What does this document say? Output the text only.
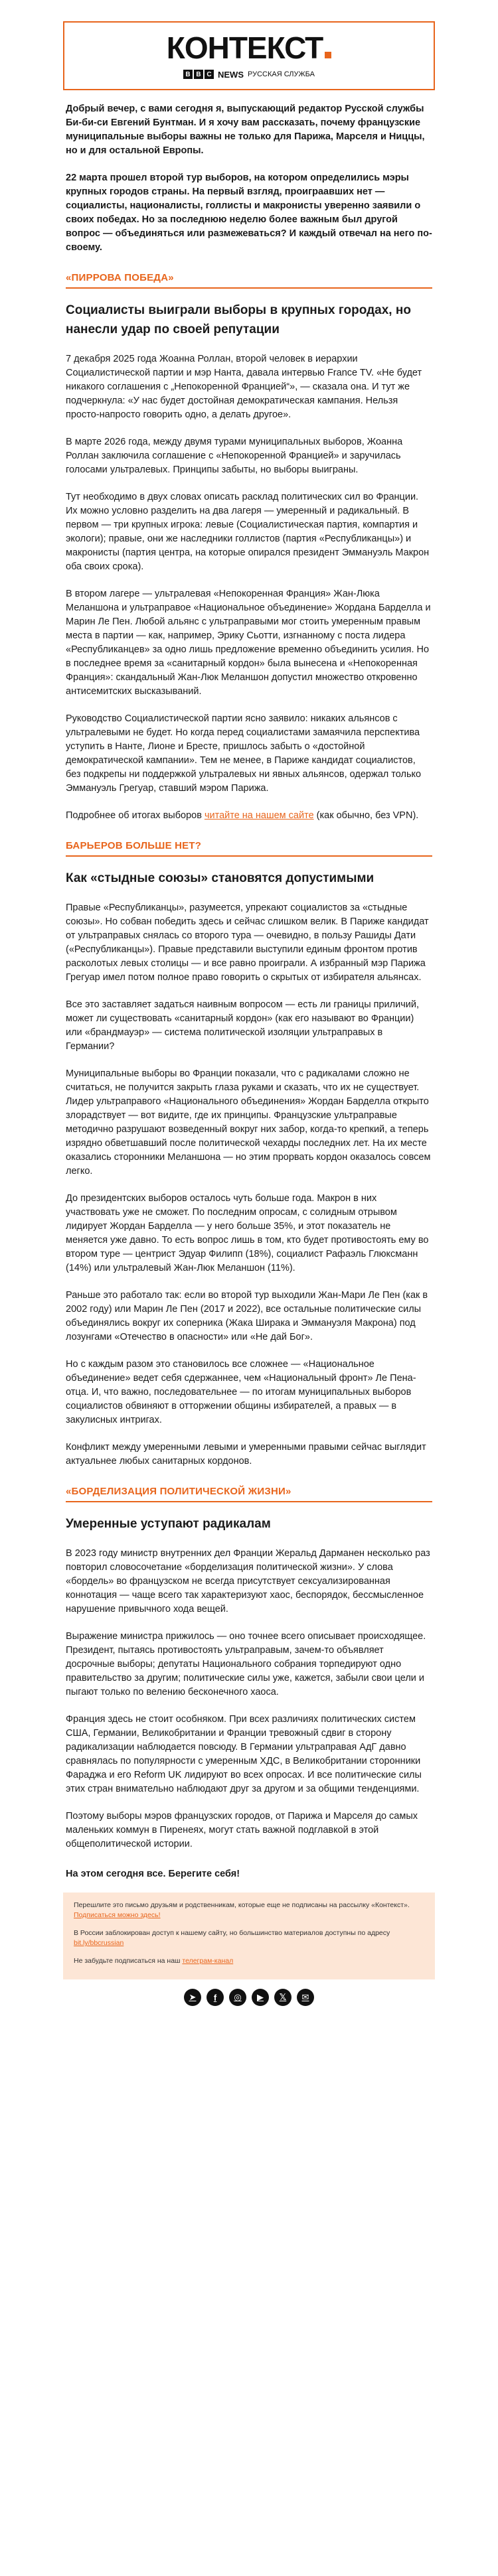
КОНТЕКСТ
B B C NEWS РУССКАЯ СЛУЖБА

Добрый вечер, с вами сегодня я, выпускающий редактор Русской службы Би-би-си Евгений Бунтман. И я хочу вам рассказать, почему французские муниципальные выборы важны не только для Парижа, Марселя и Ниццы, но и для остальной Европы.

22 марта прошел второй тур выборов, на котором определились мэры крупных городов страны. На первый взгляд, проиграавших нет — социалисты, националисты, голлисты и макронисты уверенно заявили о своих победах. Но за последнюю неделю более важным был другой вопрос — объединяться или размежеваться? И каждый отвечал на него по-своему.

«ПИРРОВА ПОБЕДА»
Социалисты выиграли выборы в крупных городах, но нанесли удар по своей репутации

7 декабря 2025 года Жоанна Роллан, второй человек в иерархии Социалистической партии и мэр Нанта, давала интервью France TV. «Не будет никакого соглашения с „Непокоренной Францией“», — сказала она. И тут же подчеркнула: «У нас будет достойная демократическая кампания. Нельзя просто-напросто говорить одно, а делать другое».

В марте 2026 года, между двумя турами муниципальных выборов, Жоанна Роллан заключила соглашение с «Непокоренной Францией» и заручилась голосами ультралевых. Принципы забыты, но выборы выиграны.

Тут необходимо в двух словах описать расклад политических сил во Франции. Их можно условно разделить на два лагеря — умеренный и радикальный. В первом — три крупных игрока: левые (Социалистическая партия, компартия и экологи); правые, они же наследники голлистов (партия «Республиканцы») и макронисты (партия центра, на которые опиралcя президент Эммануэль Макрон оба своих срока).

В втором лагере — ультралевая «Непокоренная Франция» Жан-Люка Меланшона и ультраправое «Национальное объединение» Жордана Барделла и Марин Ле Пен. Любой альянс с ультраправыми мог стоить умеренным правым места в партии — как, например, Эрику Сьотти, изгнанному с поста лидера «Республиканцев» за одно лишь предложение временно объединить усилия. Но в последнее время за «санитарный кордон» была вынесена и «Непокоренная Франция»: скандальный Жан-Люк Меланшон допустил множество откровенно антисемитских высказываний.

Руководство Социалистической партии ясно заявило: никаких альянсов с ультралевыми не будет. Но когда перед социалистами замаячила перспектива уступить в Нанте, Лионе и Бресте, пришлось забыть о «достойной демократической кампании». Тем не менее, в Париже кандидат социалистов, без подкрепы ни поддержкой ультралевых ни явных альянсов, одержал только Эммануэль Грегуар, ставший мэром Парижа.

Подробнее об итогах выборов читайте на нашем сайте (как обычно, без VPN).

БАРЬЕРОВ БОЛЬШЕ НЕТ?
Как «стыдные союзы» становятся допустимыми

Правые «Республиканцы», разумеется, упрекают социалистов за «стыдные союзы». Но собван победить здесь и сейчас слишком велик. В Париже кандидат от ультраправых снялась со второго тура — очевидно, в пользу Рашиды Дати («Республиканцы»). Правые представили выступили единым фронтом против расколотых левых столицы — и все равно проиграли. А избранный мэр Парижа Грегуар имел потом полное право говорить о скрытых от избирателя альянсах.

Все это заставляет задаться наивным вопросом — есть ли границы приличий, может ли существовать «санитарный кордон» (как его называют во Франции) или «брандмауэр» — система политической изоляции ультраправых в Германии?

Муниципальные выборы во Франции показали, что с радикалами сложно не считаться, не получится закрыть глаза руками и сказать, что их не существует. Лидер ультраправого «Национального объединения» Жордан Барделла открыто злорадствует — вот видите, где их принципы. Французские ультраправые методично разрушают возведенный вокруг них забор, когда-то крепкий, а теперь изрядно обветшавший после политической чехарды последних лет. На их месте оказались сторонники Меланшона — но этим прорвать кордон оказалось совсем легко.

До президентских выборов осталось чуть больше года. Макрон в них участвовать уже не сможет. По последним опросам, с солидным отрывом лидирует Жордан Барделла — у него больше 35%, и этот показатель не меняется уже давно. То есть вопрос лишь в том, кто будет противостоять ему во втором туре — центрист Эдуар Филипп (18%), социалист Рафаэль Глюксманн (14%) или ультралевый Жан-Люк Меланшон (11%).

Раньше это работало так: если во второй тур выходили Жан-Мари Ле Пен (как в 2002 году) или Марин Ле Пен (2017 и 2022), все остальные политические силы объединялись вокруг их соперника (Жака Ширака и Эммануэля Макрона) под лозунгами «Отечество в опасности» или «Не дай Бог».

Но с каждым разом это становилось все сложнее — «Национальное объединение» ведет себя сдержаннее, чем «Национальный фронт» Ле Пена-отца. И, что важно, последовательнее — по итогам муниципальных выборов социалистов обвиняют в отторжении общины избирателей, а правых — в закулисных интригах.

Конфликт между умеренными левыми и умеренными правыми сейчас выглядит актуальнее любых санитарных кордонов.

«БОРДЕЛИЗАЦИЯ ПОЛИТИЧЕСКОЙ ЖИЗНИ»
Умеренные уступают радикалам

В 2023 году министр внутренних дел Франции Жеральд Дарманен несколько раз повторил словосочетание «борделизация политической жизни». У слова «бордель» во французском не всегда присутствует сексуализированная коннотация — чаще всего так характеризуют хаос, беспорядок, бессмысленное нарушение привычного хода вещей.

Выражение министра прижилось — оно точнее всего описывает происходящее. Президент, пытаясь противостоять ультраправым, зачем-то объявляет досрочные выборы; депутаты Национального собрания торпедируют одно правительство за другим; политические силы уже, кажется, забыли свои цели и пыгают только по велению бесконечного хаоса.

Франция здесь не стоит особняком. При всех различиях политических систем США, Германии, Великобритании и Франции тревожный сдвиг в сторону радикализации наблюдается повсюду. В Германии ультраправая АдГ давно сравнялась по популярности с умеренным ХДС, в Великобритании сторонники Фараджа и его Reform UK лидируют во всех опросах. И все политические силы этих стран внимательно наблюдают друг за другом и за общими тенденциями.

Поэтому выборы мэров французских городов, от Парижа и Марселя до самых маленьких коммун в Пиренеях, могут стать важной подглавкой в этой общеполитической истории.

На этом сегодня все. Берегите себя!

Перешлите это письмо друзьям и родственникам, которые еще не подписаны на рассылку «Контекст». Подписаться можно здесь!

В России заблокирован доступ к нашему сайту, но большинство материалов доступны по адресу bit.ly/bbcrussian

Не забудьте подписаться на наш телеграм-канал

➤	f	◎	▶	𝕏	✉
